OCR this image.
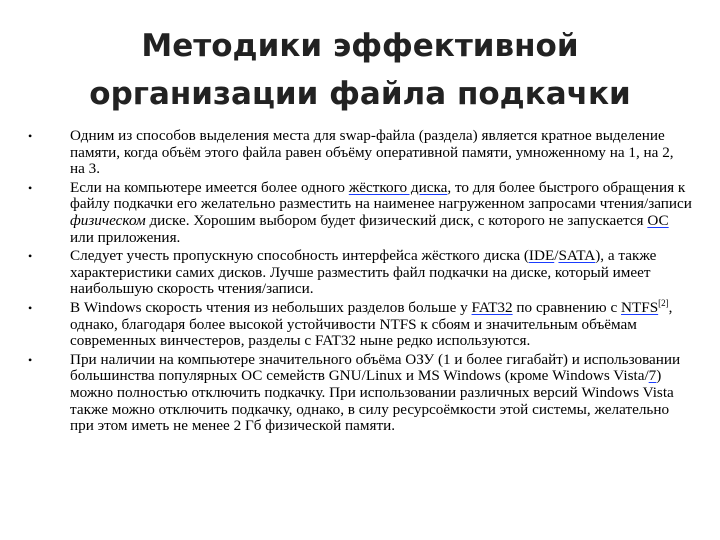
Методики эффективной
организации файла подкачки
• Одним из способов выделения места для swap-файла (раздела) является кратное выделение памяти, когда объём этого файла равен объёму оперативной памяти, умноженному на 1, на 2, на 3.
• Если на компьютере имеется более одного жёсткого диска, то для более быстрого обращения к файлу подкачки его желательно разместить на наименее нагруженном запросами чтения/записи физическом диске. Хорошим выбором будет физический диск, с которого не запускается ОС или приложения.
• Следует учесть пропускную способность интерфейса жёсткого диска (IDE/SATA), а также характеристики самих дисков. Лучше разместить файл подкачки на диске, который имеет наибольшую скорость чтения/записи.
• В Windows скорость чтения из небольших разделов больше у FAT32 по сравнению с NTFS[2], однако, благодаря более высокой устойчивости NTFS к сбоям и значительным объёмам современных винчестеров, разделы с FAT32 ныне редко используются.
• При наличии на компьютере значительного объёма ОЗУ (1 и более гигабайт) и использовании большинства популярных ОС семейств GNU/Linux и MS Windows (кроме Windows Vista/7) можно полностью отключить подкачку. При использовании различных версий Windows Vista также можно отключить подкачку, однако, в силу ресурсоёмкости этой системы, желательно при этом иметь не менее 2 Гб физической памяти.
